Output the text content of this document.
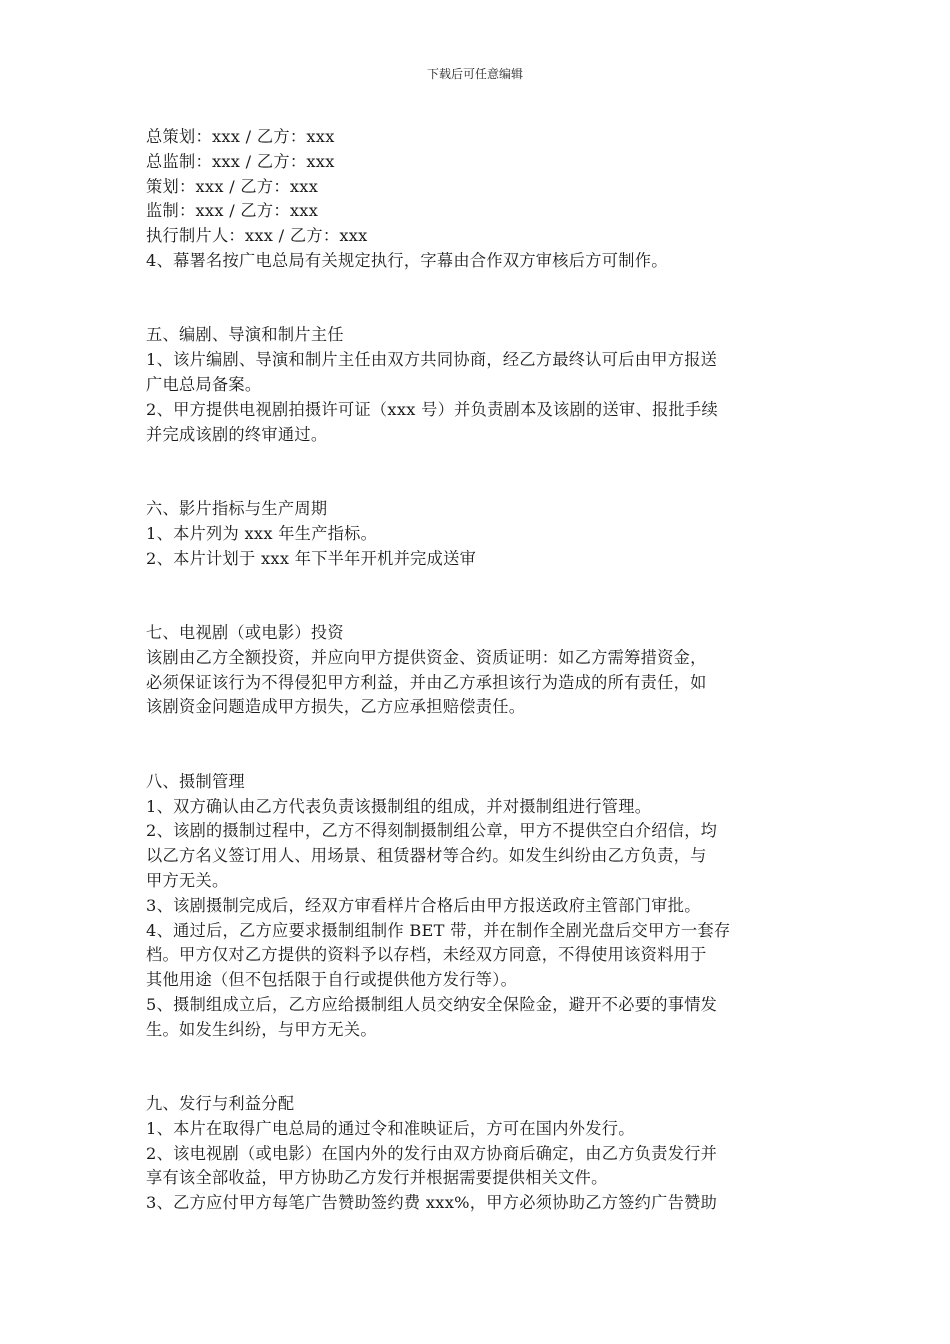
下载后可任意编辑

总策划：xxx / 乙方：xxx

总监制：xxx / 乙方：xxx

策划：xxx / 乙方：xxx

监制：xxx / 乙方：xxx

执行制片人：xxx / 乙方：xxx

4、幕署名按广电总局有关规定执行，字幕由合作双方审核后方可制作。

五、编剧、导演和制片主任

1、该片编剧、导演和制片主任由双方共同协商，经乙方最终认可后由甲方报送

广电总局备案。

2、甲方提供电视剧拍摄许可证（xxx 号）并负责剧本及该剧的送审、报批手续

并完成该剧的终审通过。

六、影片指标与生产周期

1、本片列为 xxx 年生产指标。

2、本片计划于 xxx 年下半年开机并完成送审

七、电视剧（或电影）投资

该剧由乙方全额投资，并应向甲方提供资金、资质证明：如乙方需筹措资金，

必须保证该行为不得侵犯甲方利益，并由乙方承担该行为造成的所有责任，如

该剧资金问题造成甲方损失，乙方应承担赔偿责任。

八、摄制管理

1、双方确认由乙方代表负责该摄制组的组成，并对摄制组进行管理。

2、该剧的摄制过程中，乙方不得刻制摄制组公章，甲方不提供空白介绍信，均

以乙方名义签订用人、用场景、租赁器材等合约。如发生纠纷由乙方负责，与

甲方无关。

3、该剧摄制完成后，经双方审看样片合格后由甲方报送政府主管部门审批。

4、通过后，乙方应要求摄制组制作 BET 带，并在制作全剧光盘后交甲方一套存

档。甲方仅对乙方提供的资料予以存档，未经双方同意，不得使用该资料用于

其他用途（但不包括限于自行或提供他方发行等）。

5、摄制组成立后，乙方应给摄制组人员交纳安全保险金，避开不必要的事情发

生。如发生纠纷，与甲方无关。

九、发行与利益分配

1、本片在取得广电总局的通过令和准映证后，方可在国内外发行。

2、该电视剧（或电影）在国内外的发行由双方协商后确定，由乙方负责发行并

享有该全部收益，甲方协助乙方发行并根据需要提供相关文件。

3、乙方应付甲方每笔广告赞助签约费 xxx%，甲方必须协助乙方签约广告赞助
